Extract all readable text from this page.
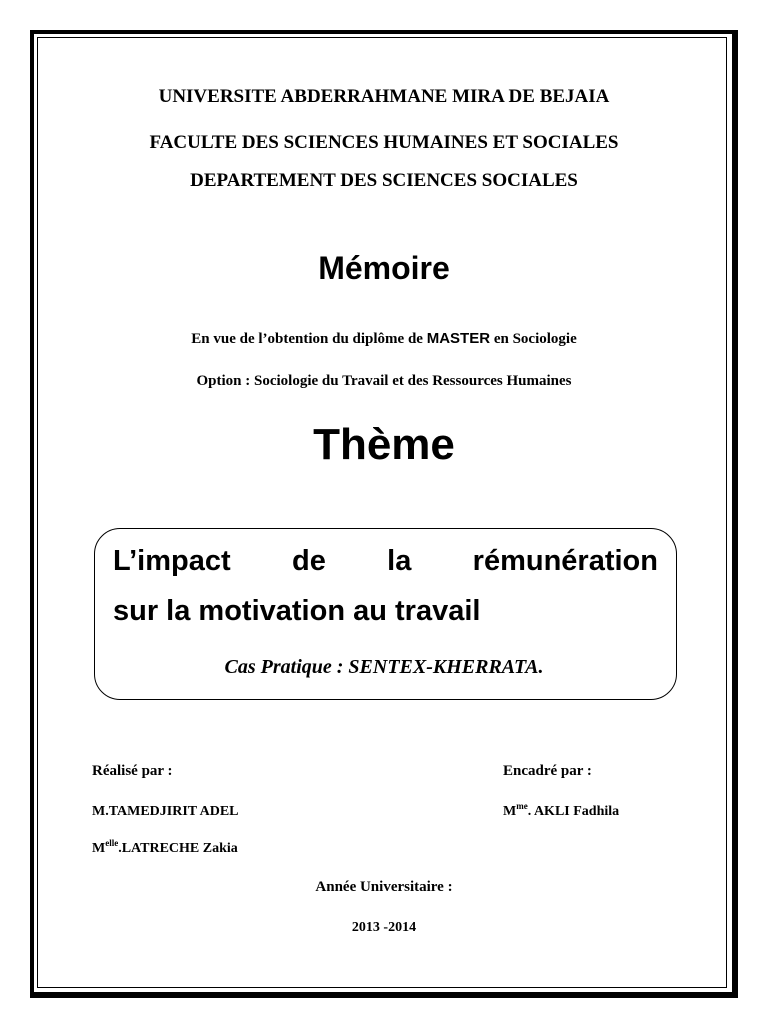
UNIVERSITE ABDERRAHMANE MIRA DE BEJAIA
FACULTE DES SCIENCES HUMAINES ET SOCIALES
DEPARTEMENT DES SCIENCES SOCIALES
Mémoire
En vue de l’obtention du diplôme de MASTER en Sociologie
Option : Sociologie du Travail et des Ressources Humaines
Thème
L’impact de la rémunération
sur la motivation au travail
Cas Pratique : SENTEX-KHERRATA.
Réalisé par :	Encadré par :
M.TAMEDJIRIT ADEL	$M^{me}$. AKLI Fadhila
$M^{elle}.LATRECHE$ Zakia
Année Universitaire :
2013 -2014
